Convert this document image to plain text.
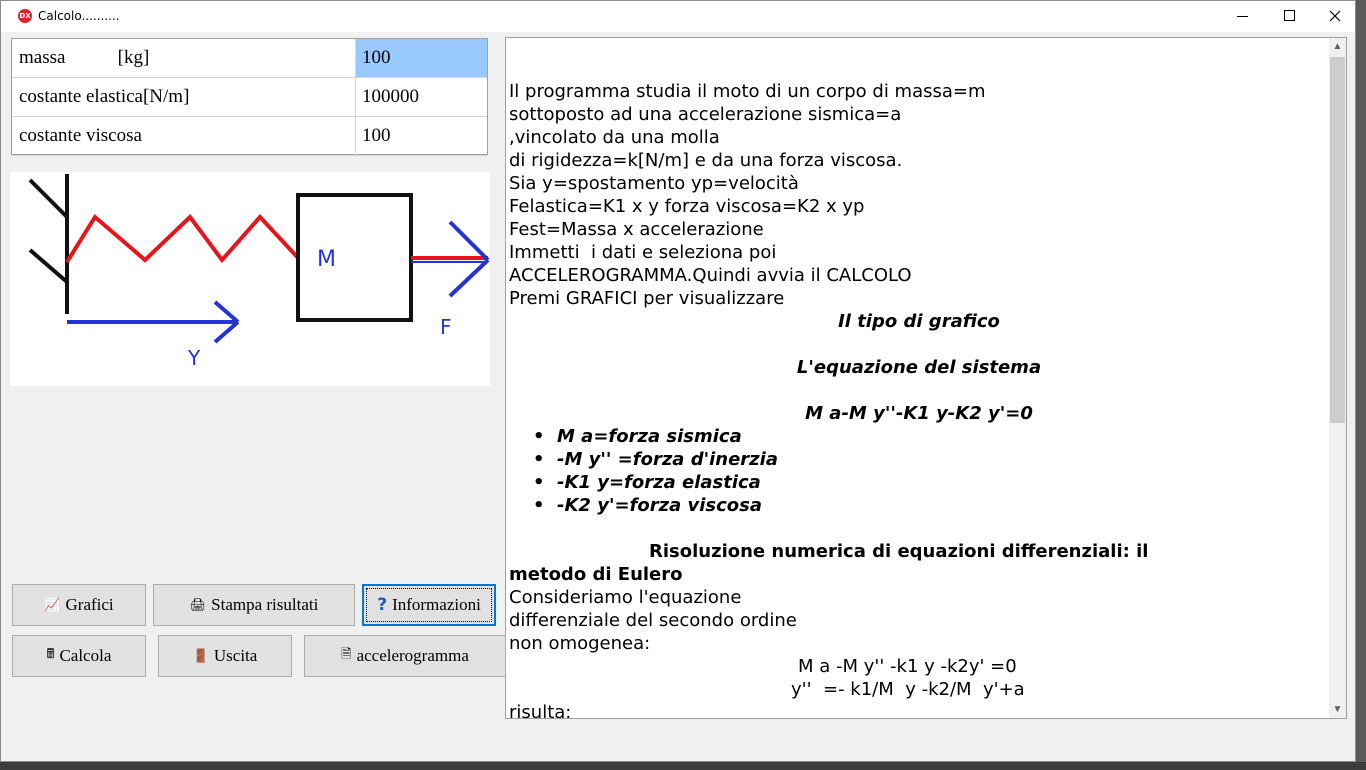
DX Calcolo..........
massa           [kg]	100
costante elastica[N/m]	100000
costante viscosa	100
M
F
Y
Il programma studia il moto di un corpo di massa=m
sottoposto ad una accelerazione sismica=a
,vincolato da una molla
di rigidezza=k[N/m] e da una forza viscosa.
Sia y=spostamento yp=velocità
Felastica=K1 x y forza viscosa=K2 x yp
Fest=Massa x accelerazione
Immetti  i dati e seleziona poi
ACCELEROGRAMMA.Quindi avvia il CALCOLO
Premi GRAFICI per visualizzare
Il tipo di grafico
L'equazione del sistema
M a-M y''-K1 y-K2 y'=0
• M a=forza sismica
• -M y'' =forza d'inerzia
• -K1 y=forza elastica
• -K2 y'=forza viscosa
Risoluzione numerica di equazioni differenziali: il
metodo di Eulero
Consideriamo l'equazione
differenziale del secondo ordine
non omogenea:
M a -M y'' -k1 y -k2y' =0
y''  =- k1/M  y -k2/M  y'+a
risulta:
▲
▼
📈 Grafici	🖨 Stampa risultati	? Informazioni
🖩 Calcola	🚪 Uscita	🗎 accelerogramma
